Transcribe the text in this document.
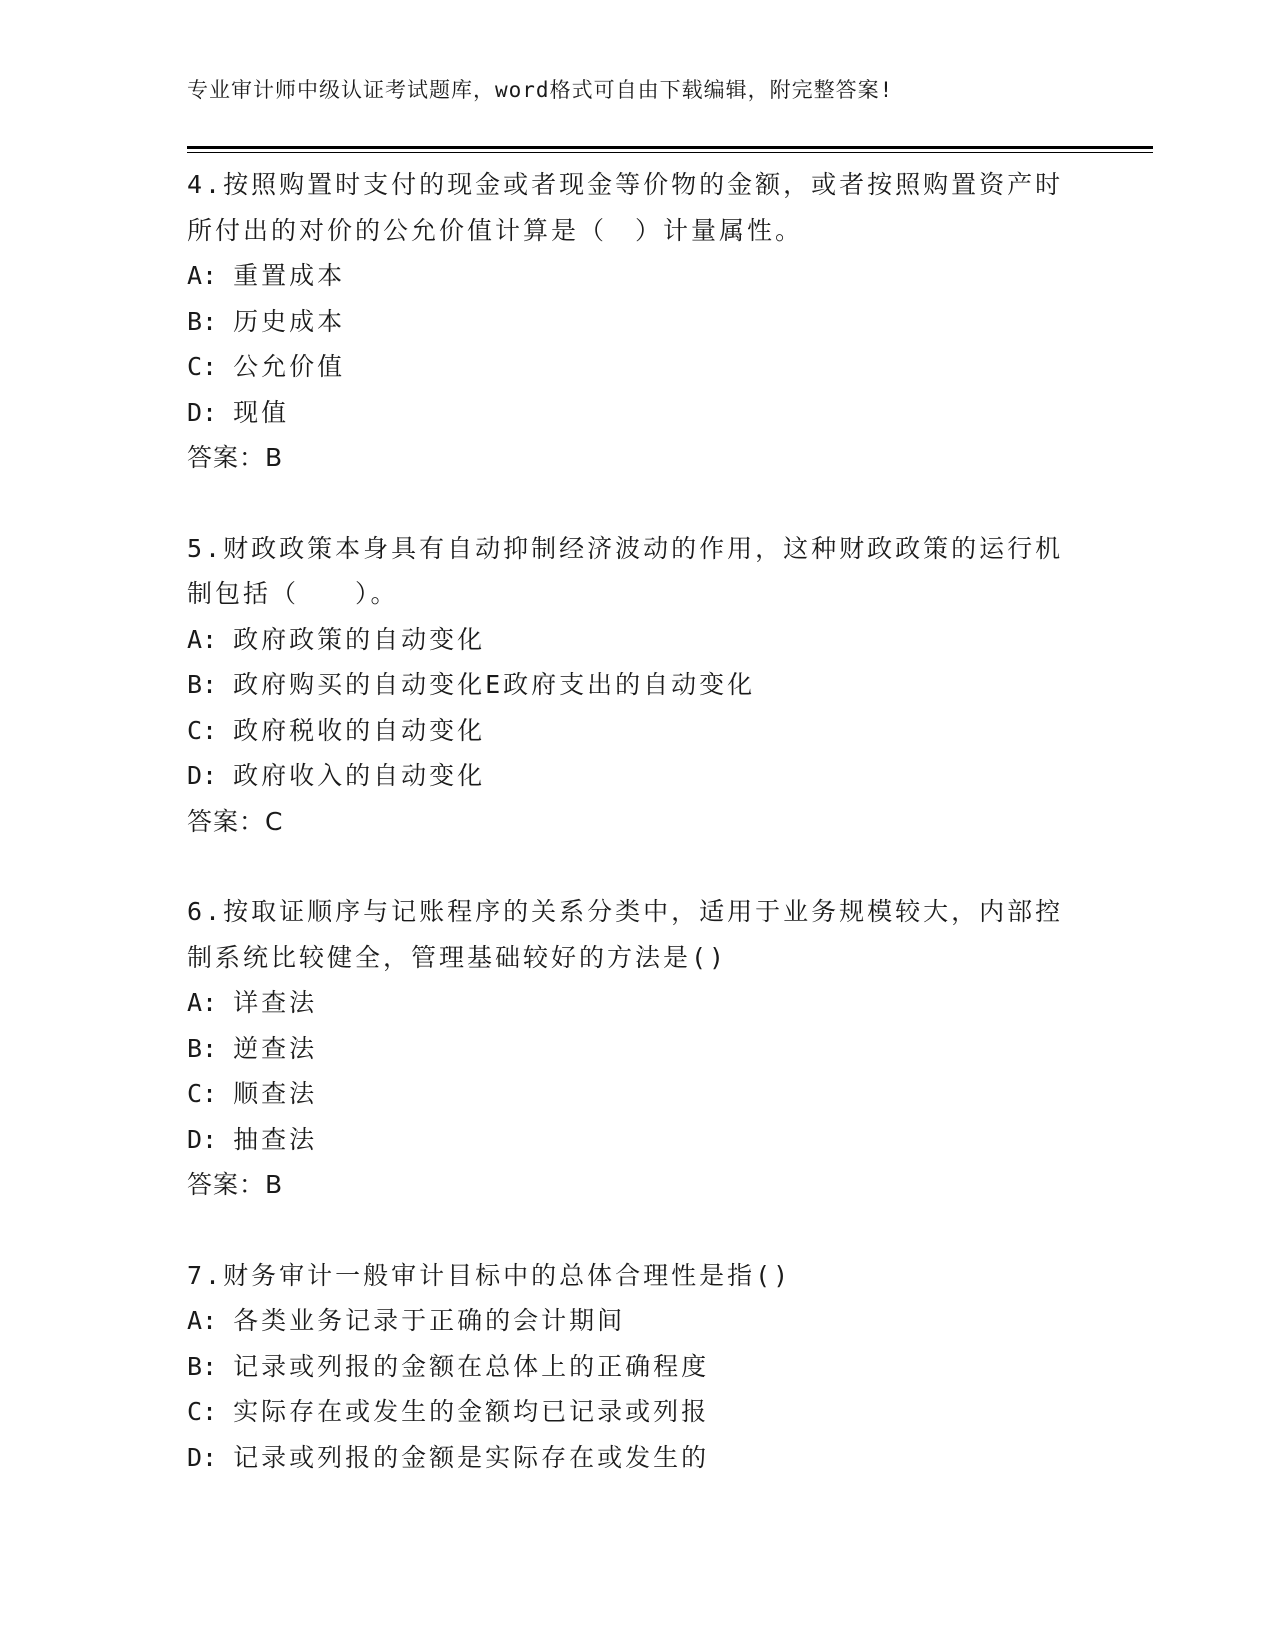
专业审计师中级认证考试题库，word格式可自由下载编辑，附完整答案!

4.按照购置时支付的现金或者现金等价物的金额，或者按照购置资产时所付出的对价的公允价值计算是（　）计量属性。

A: 重置成本
B: 历史成本
C: 公允价值
D: 现值
答案：B

5.财政政策本身具有自动抑制经济波动的作用，这种财政政策的运行机制包括（　　）。

A: 政府政策的自动变化
B: 政府购买的自动变化E政府支出的自动变化
C: 政府税收的自动变化
D: 政府收入的自动变化
答案：C

6.按取证顺序与记账程序的关系分类中，适用于业务规模较大，内部控制系统比较健全，管理基础较好的方法是()

A: 详查法
B: 逆查法
C: 顺查法
D: 抽查法
答案：B

7.财务审计一般审计目标中的总体合理性是指()

A: 各类业务记录于正确的会计期间
B: 记录或列报的金额在总体上的正确程度
C: 实际存在或发生的金额均已记录或列报
D: 记录或列报的金额是实际存在或发生的
